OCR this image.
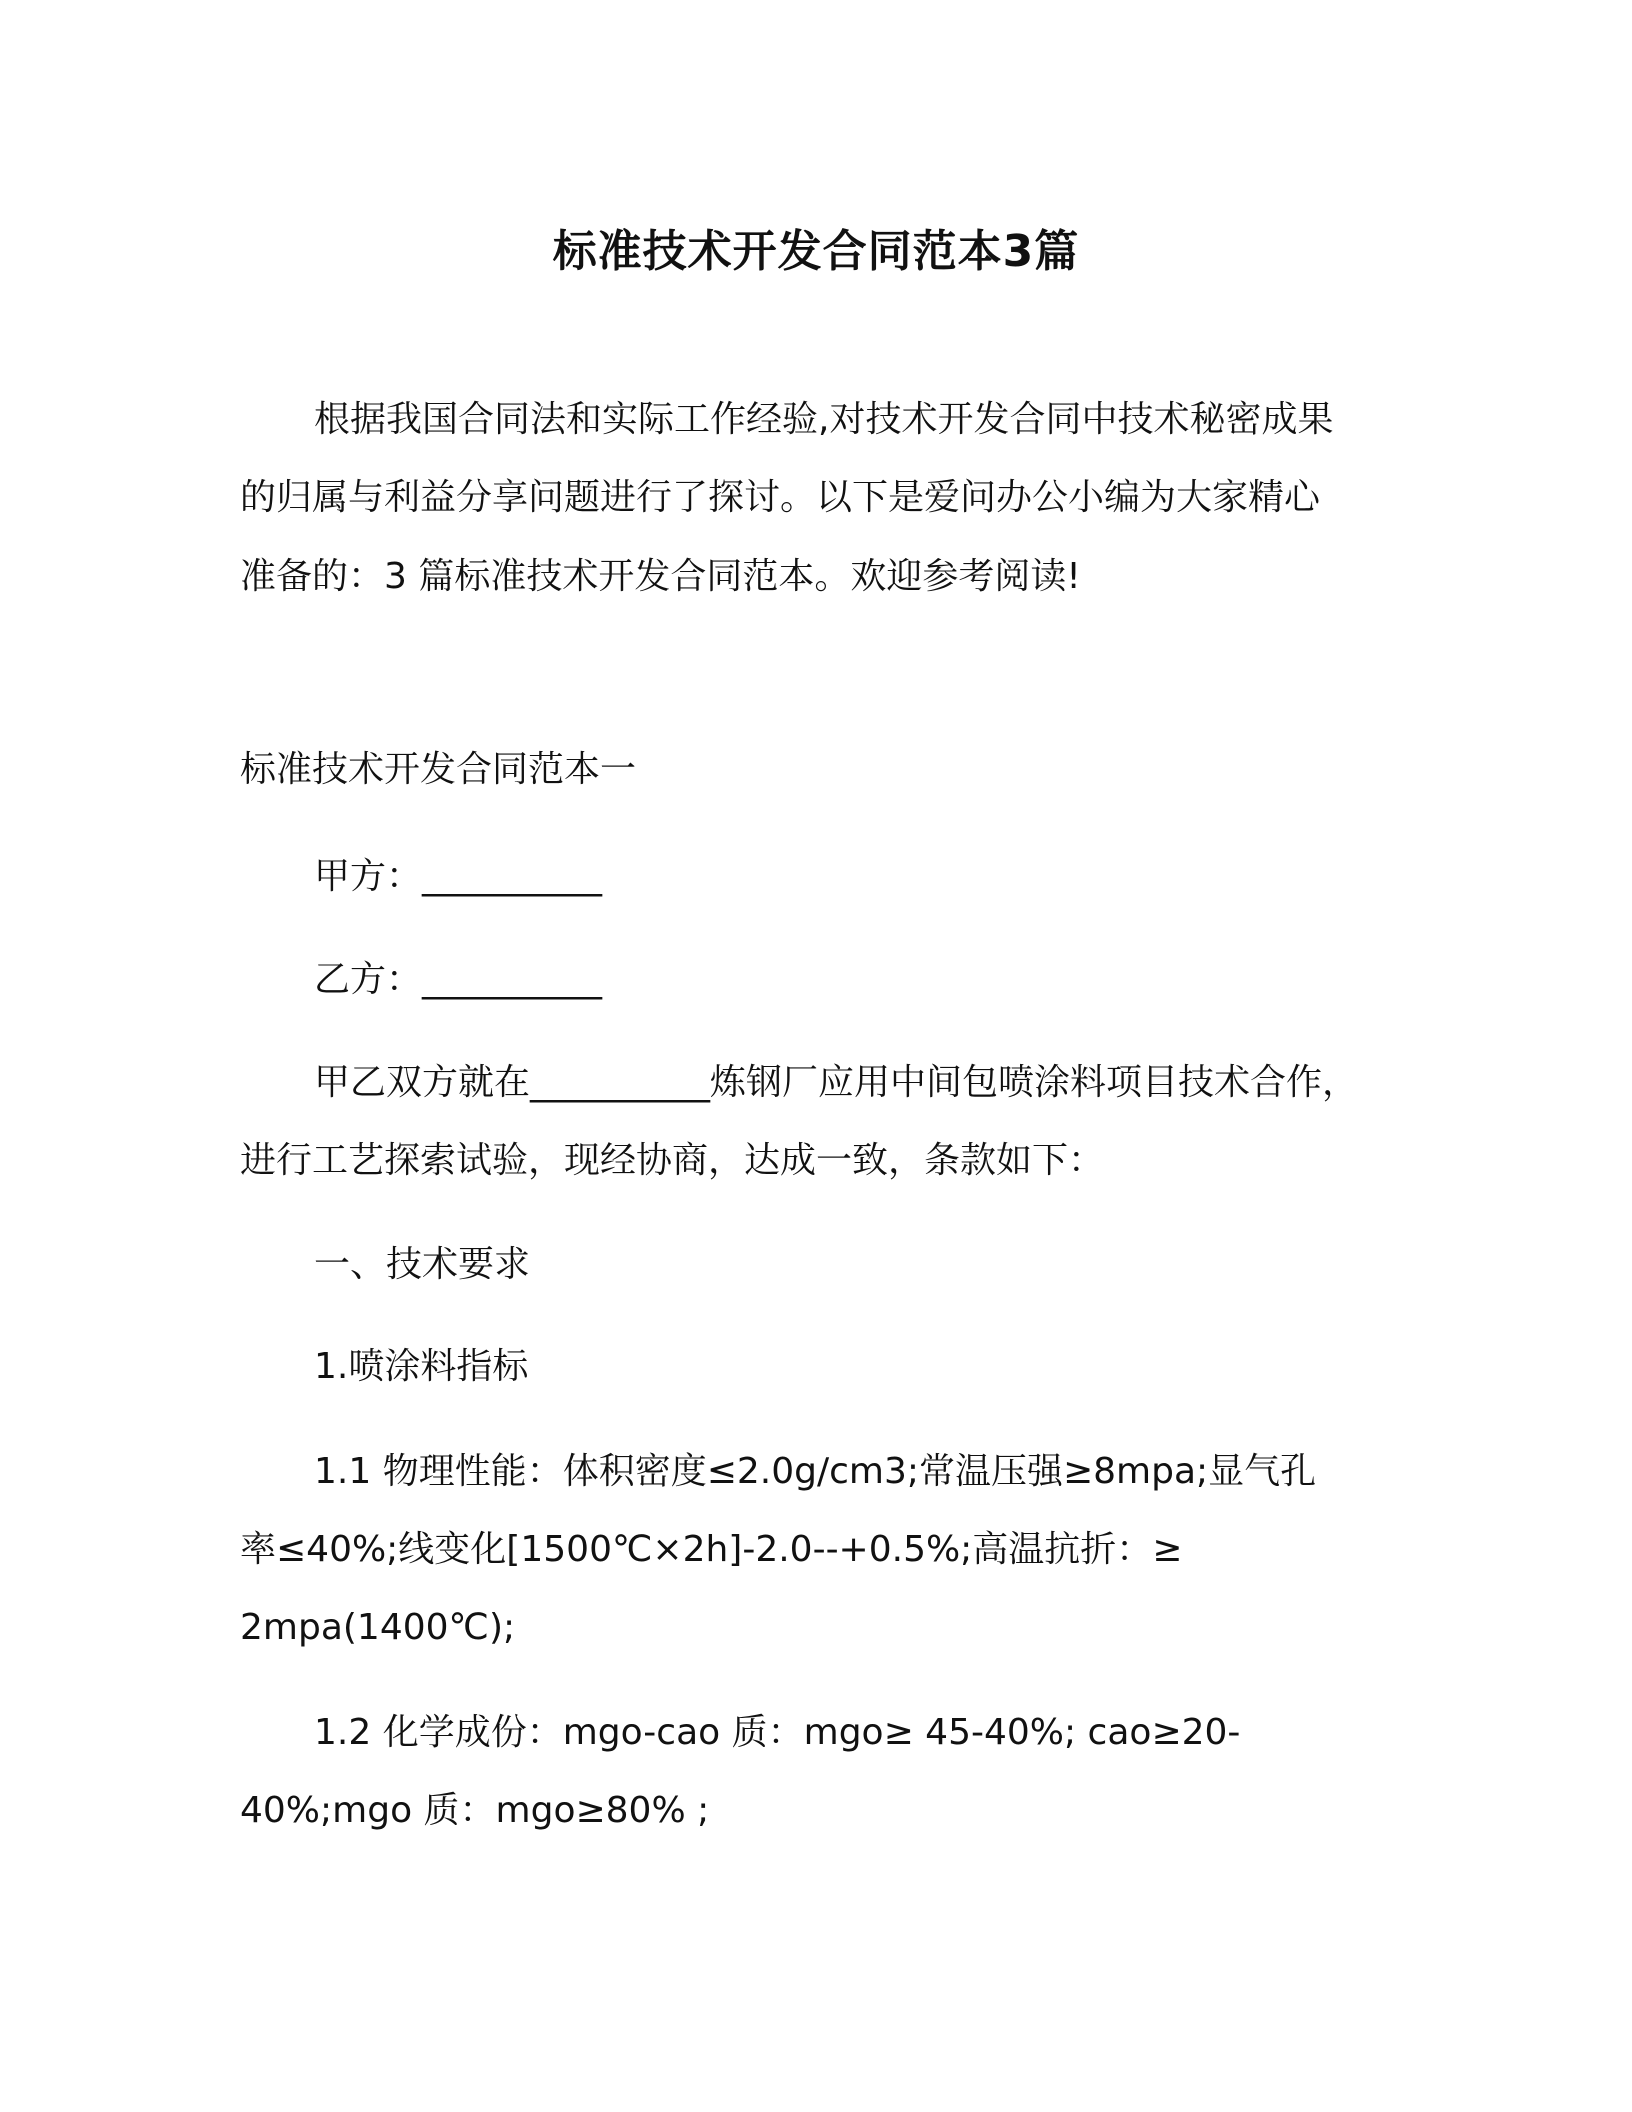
标准技术开发合同范本3篇
根据我国合同法和实际工作经验,对技术开发合同中技术秘密成果
的归属与利益分享问题进行了探讨。以下是爱问办公小编为大家精心
准备的：3 篇标准技术开发合同范本。欢迎参考阅读!
标准技术开发合同范本一
甲方：__________
乙方：__________
甲乙双方就在__________炼钢厂应用中间包喷涂料项目技术合作，
进行工艺探索试验，现经协商，达成一致，条款如下：
一、技术要求
1.喷涂料指标
1.1 物理性能：体积密度≤2.0g/cm3;常温压强≥8mpa;显气孔
率≤40%;线变化[1500℃×2h]-2.0--+0.5%;高温抗折：≥
2mpa(1400℃);
1.2 化学成份：mgo-cao 质：mgo≥ 45-40%; cao≥20-
40%;mgo 质：mgo≥80% ;
